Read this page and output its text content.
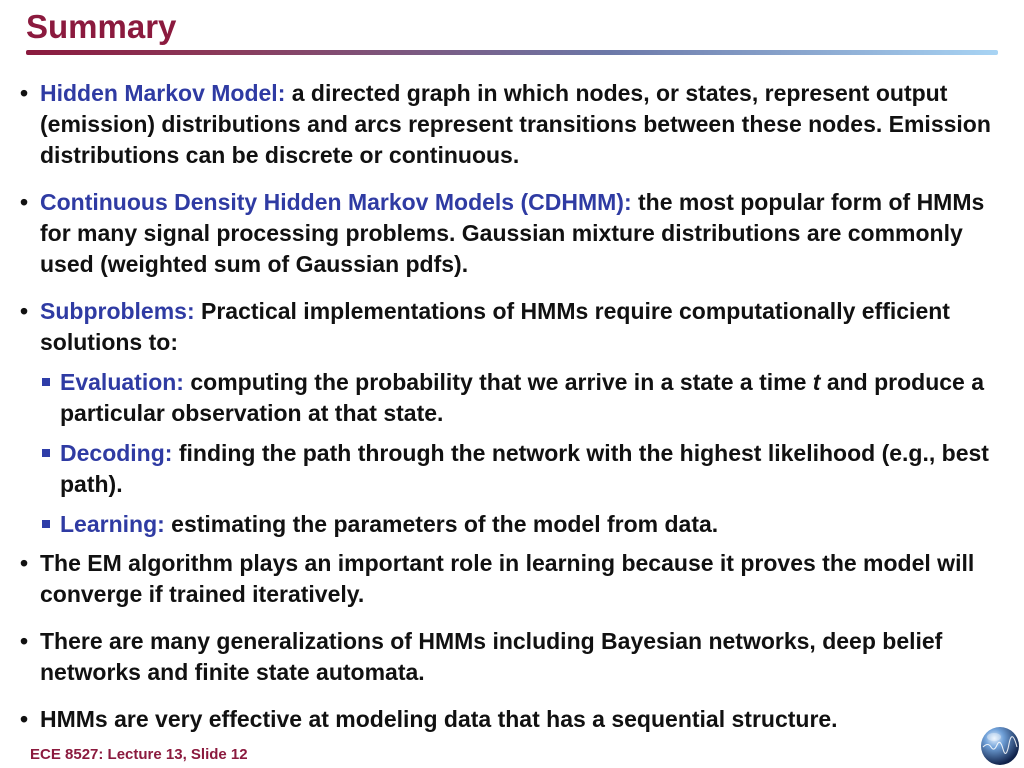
Summary
• Hidden Markov Model: a directed graph in which nodes, or states, represent output (emission) distributions and arcs represent transitions between these nodes. Emission distributions can be discrete or continuous.
• Continuous Density Hidden Markov Models (CDHMM): the most popular form of HMMs for many signal processing problems. Gaussian mixture distributions are commonly used (weighted sum of Gaussian pdfs).
• Subproblems: Practical implementations of HMMs require computationally efficient solutions to:
Evaluation: computing the probability that we arrive in a state a time t and produce a particular observation at that state.
Decoding: finding the path through the network with the highest likelihood (e.g., best path).
Learning: estimating the parameters of the model from data.
• The EM algorithm plays an important role in learning because it proves the model will converge if trained iteratively.
• There are many generalizations of HMMs including Bayesian networks, deep belief networks and finite state automata.
• HMMs are very effective at modeling data that has a sequential structure.
ECE 8527: Lecture 13, Slide 12
